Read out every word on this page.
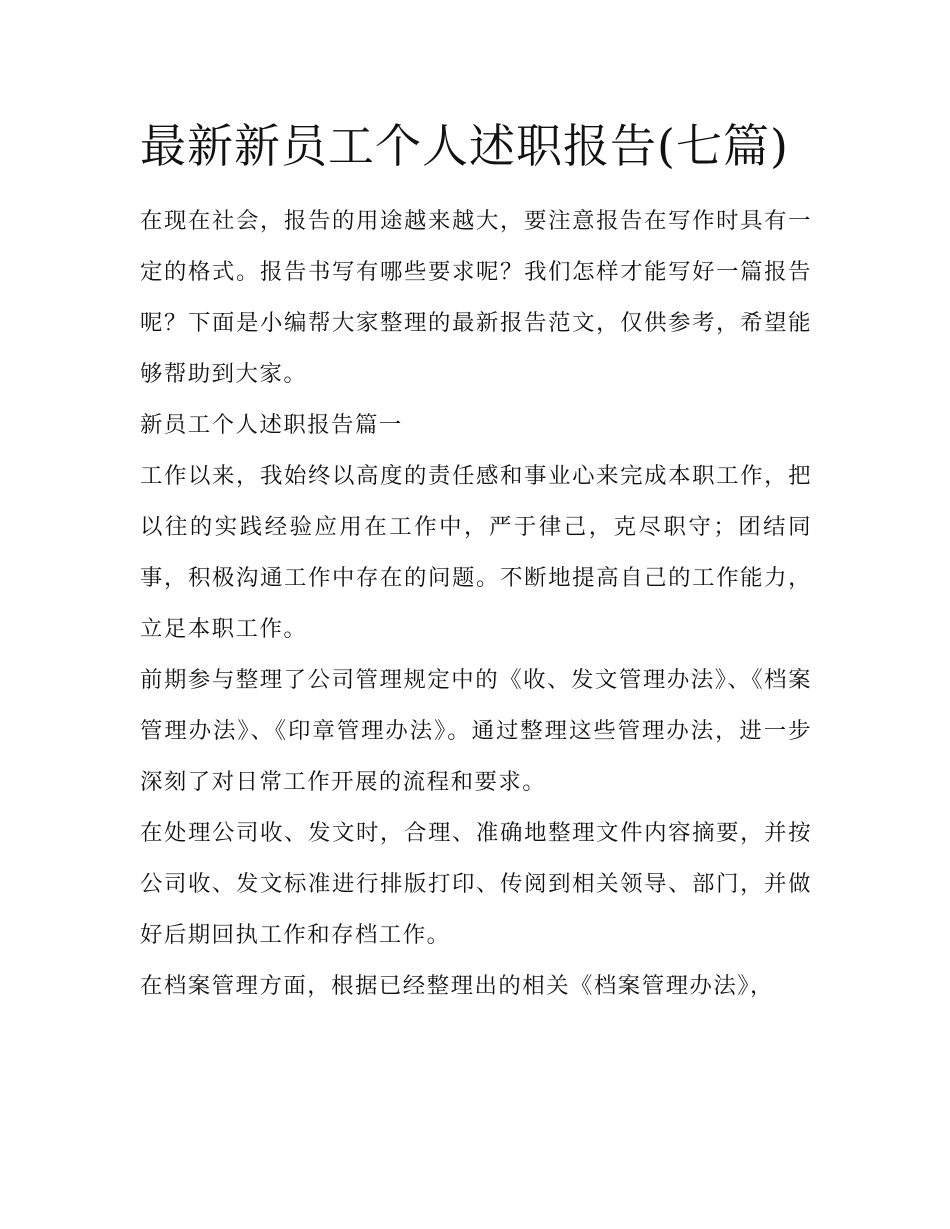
最新新员工个人述职报告(七篇)

在现在社会，报告的用途越来越大，要注意报告在写作时具有一定的格式。报告书写有哪些要求呢？我们怎样才能写好一篇报告呢？下面是小编帮大家整理的最新报告范文，仅供参考，希望能够帮助到大家。

新员工个人述职报告篇一

工作以来，我始终以高度的责任感和事业心来完成本职工作，把以往的实践经验应用在工作中，严于律己，克尽职守；团结同事，积极沟通工作中存在的问题。不断地提高自己的工作能力，立足本职工作。

前期参与整理了公司管理规定中的《收、发文管理办法》、《档案管理办法》、《印章管理办法》。通过整理这些管理办法，进一步深刻了对日常工作开展的流程和要求。

在处理公司收、发文时，合理、准确地整理文件内容摘要，并按公司收、发文标准进行排版打印、传阅到相关领导、部门，并做好后期回执工作和存档工作。

在档案管理方面，根据已经整理出的相关《档案管理办法》，
